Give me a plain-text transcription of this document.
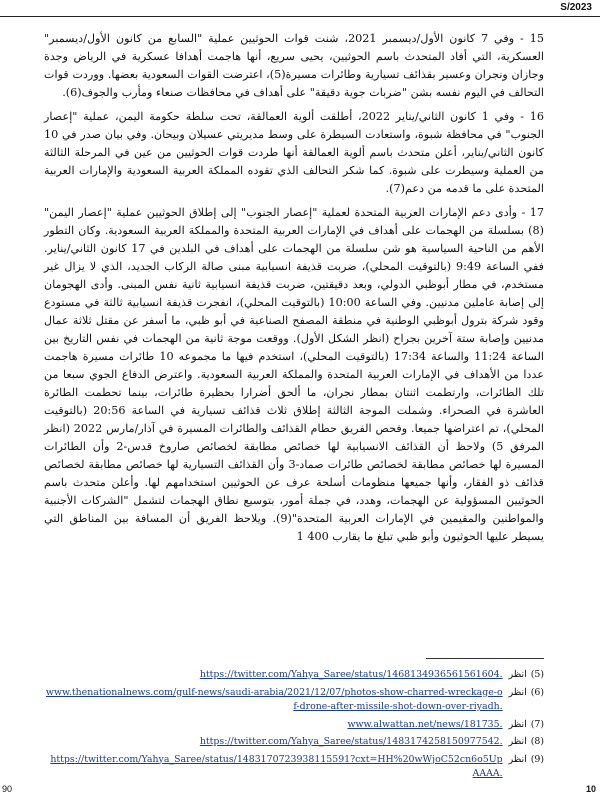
S/2023

15 - وفي 7 كانون الأول/ديسمبر 2021، شنت قوات الحوثيين عملية "السابع من كانون الأول/ديسمبر" العسكرية، التي أفاد المتحدث باسم الحوثيين، يحيى سريع، أنها هاجمت أهدافا عسكرية في الرياض وجدة وجازان ونجران وعسير بقذائف تسيارية وطائرات مسيرة(5)، اعترضت القوات السعودية بعضها. ووردت قوات التحالف في اليوم نفسه بشن "ضربات جوية دقيقة" على أهداف في محافظات صنعاء ومأرب والجوف(6).

16 - وفي 1 كانون الثاني/يناير 2022، أطلقت ألوية العمالقة، تحت سلطة حكومة اليمن، عملية "إعصار الجنوب" في محافظة شبوة، واستعادت السيطرة على وسط مديريتي عسيلان وبيحان. وفي بيان صدر في 10 كانون الثاني/يناير، أعلن متحدث باسم ألوية العمالقة أنها طردت قوات الحوثيين من عين في المرحلة الثالثة من العملية وسيطرت على شبوة. كما شكر التحالف الذي تقوده المملكة العربية السعودية والإمارات العربية المتحدة على ما قدمه من دعم(7).

17 - وأدى دعم الإمارات العربية المتحدة لعملية "إعصار الجنوب" إلى إطلاق الحوثيين عملية "إعصار اليمن"(8) بسلسلة من الهجمات على أهداف في الإمارات العربية المتحدة والمملكة العربية السعودية. وكان التطور الأهم من الناحية السياسية هو شن سلسلة من الهجمات على أهداف في البلدين في 17 كانون الثاني/يناير. ففي الساعة 9:49 (بالتوقيت المحلي)، ضربت قذيفة انسيابية مبنى صالة الركاب الجديد، الذي لا يزال غير مستخدم، في مطار أبوظبي الدولي، وبعد دقيقتين، ضربت قذيفة انسيابية ثانية نفس المبنى. وأدى الهجومان إلى إصابة عاملين مدنيين. وفي الساعة 10:00 (بالتوقيت المحلي)، انفجرت قذيفة انسيابية ثالثة في مستودع وقود شركة بترول أبوظبي الوطنية في منطقة المصفح الصناعية في أبو ظبي، ما أسفر عن مقتل ثلاثة عمال مدنيين وإصابة ستة آخرين بجراح (انظر الشكل الأول). ووقعت موجة ثانية من الهجمات في نفس التاريخ بين الساعة 11:24 والساعة 17:34 (بالتوقيت المحلي)، استخدم فيها ما مجموعه 10 طائرات مسيرة هاجمت عددا من الأهداف في الإمارات العربية المتحدة والمملكة العربية السعودية. واعترض الدفاع الجوي سبعا من تلك الطائرات، وارتطمت اثنتان بمطار نجران، ما ألحق أضرارا بحظيرة طائرات، بينما تحطمت الطائرة العاشرة في الصحراء. وشملت الموجة الثالثة إطلاق ثلاث قذائف تسيارية في الساعة 20:56 (بالتوقيت المحلي)، تم اعتراضها جميعا. وفحص الفريق حطام القذائف والطائرات المسيرة في آذار/مارس 2022 (انظر المرفق 5) ولاحظ أن القذائف الانسيابية لها خصائص مطابقة لخصائص صاروخ قدس-2 وأن الطائرات المسيرة لها خصائص مطابقة لخصائص طائرات صماد-3 وأن القذائف التسيارية لها خصائص مطابقة لخصائص قذائف ذو الفقار، وأنها جميعها منظومات أسلحة عرف عن الحوثيين استخدامهم لها. وأعلن متحدث باسم الحوثيين المسؤولية عن الهجمات، وهدد، في جملة أمور، بتوسيع نطاق الهجمات لتشمل "الشركات الأجنبية والمواطنين والمقيمين في الإمارات العربية المتحدة"(9). ويلاحظ الفريق أن المسافة بين المناطق التي يسيطر عليها الحوثيون وأبو ظبي تبلغ ما يقارب 400 1

(5)
انظر
https://twitter.com/Yahya_Saree/status/1468134936561561604.
(6)
انظر
www.thenationalnews.com/gulf-news/saudi-arabia/2021/12/07/photos-show-charred-wreckage-of-drone-after-missile-shot-down-over-riyadh.
(7)
انظر
www.alwattan.net/news/181735.
(8)
انظر
https://twitter.com/Yahya_Saree/status/1483174258150977542.
(9)
انظر
https://twitter.com/Yahya_Saree/status/1483170723938115591?cxt=HH%20wWjoC52cn6o5UpAAAA.
90	10
